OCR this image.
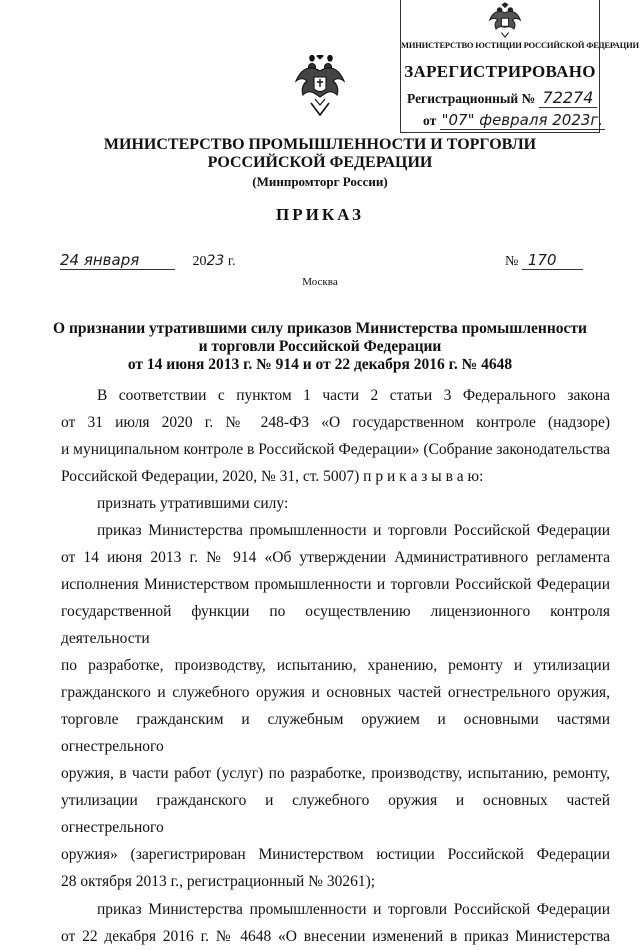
МИНИСТЕРСТВО ЮСТИЦИИ РОССИЙСКОЙ ФЕДЕРАЦИИ
ЗАРЕГИСТРИРОВАНО
Регистрационный № 72274
от "07" февраля 2023г.
МИНИСТЕРСТВО ПРОМЫШЛЕННОСТИ И ТОРГОВЛИ
РОССИЙСКОЙ ФЕДЕРАЦИИ
(Минпромторг России)
ПРИКАЗ
24 января	2023 г.	№ 170
Москва
О признании утратившими силу приказов Министерства промышленности
и торговли Российской Федерации
от 14 июня 2013 г. № 914 и от 22 декабря 2016 г. № 4648
В соответствии с пунктом 1 части 2 статьи 3 Федерального закона
от 31 июля 2020 г. № 248-ФЗ «О государственном контроле (надзоре)
и муниципальном контроле в Российской Федерации» (Собрание законодательства
Российской Федерации, 2020, № 31, ст. 5007) п р и к а з ы в а ю:
признать утратившими силу:
приказ Министерства промышленности и торговли Российской Федерации
от 14 июня 2013 г. № 914 «Об утверждении Административного регламента
исполнения Министерством промышленности и торговли Российской Федерации
государственной функции по осуществлению лицензионного контроля деятельности
по разработке, производству, испытанию, хранению, ремонту и утилизации
гражданского и служебного оружия и основных частей огнестрельного оружия,
торговле гражданским и служебным оружием и основными частями огнестрельного
оружия, в части работ (услуг) по разработке, производству, испытанию, ремонту,
утилизации гражданского и служебного оружия и основных частей огнестрельного
оружия» (зарегистрирован Министерством юстиции Российской Федерации
28 октября 2013 г., регистрационный № 30261);
приказ Министерства промышленности и торговли Российской Федерации
от 22 декабря 2016 г. № 4648 «О внесении изменений в приказ Министерства
